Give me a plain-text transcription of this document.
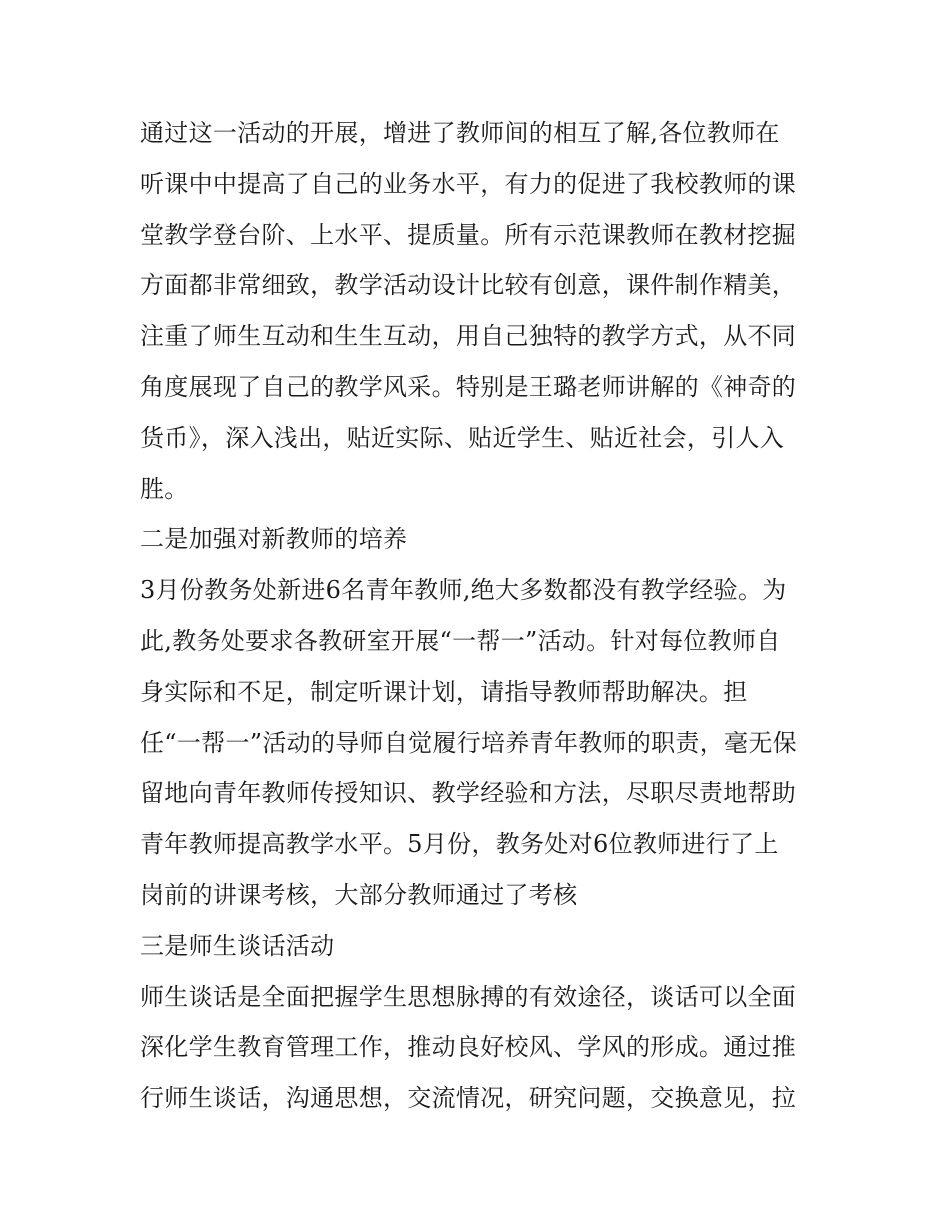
通过这一活动的开展，增进了教师间的相互了解,各位教师在
听课中中提高了自己的业务水平，有力的促进了我校教师的课
堂教学登台阶、上水平、提质量。所有示范课教师在教材挖掘
方面都非常细致，教学活动设计比较有创意，课件制作精美，
注重了师生互动和生生互动，用自己独特的教学方式，从不同
角度展现了自己的教学风采。特别是王璐老师讲解的《神奇的
货币》，深入浅出，贴近实际、贴近学生、贴近社会，引人入
胜。
二是加强对新教师的培养
3月份教务处新进6名青年教师,绝大多数都没有教学经验。为
此,教务处要求各教研室开展“一帮一”活动。针对每位教师自
身实际和不足，制定听课计划，请指导教师帮助解决。担
任“一帮一”活动的导师自觉履行培养青年教师的职责，毫无保
留地向青年教师传授知识、教学经验和方法，尽职尽责地帮助
青年教师提高教学水平。5月份，教务处对6位教师进行了上
岗前的讲课考核，大部分教师通过了考核
三是师生谈话活动
师生谈话是全面把握学生思想脉搏的有效途径，谈话可以全面
深化学生教育管理工作，推动良好校风、学风的形成。通过推
行师生谈话，沟通思想，交流情况，研究问题，交换意见，拉
